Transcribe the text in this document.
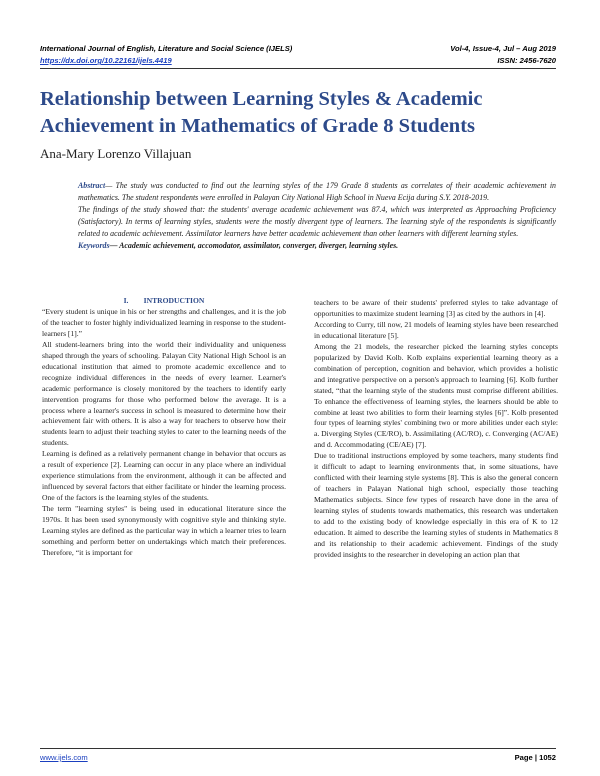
International Journal of English, Literature and Social Science (IJELS)	Vol-4, Issue-4, Jul – Aug 2019
https://dx.doi.org/10.22161/ijels.4419	ISSN: 2456-7620
Relationship between Learning Styles & Academic Achievement in Mathematics of Grade 8 Students
Ana-Mary Lorenzo Villajuan

Abstract— The study was conducted to find out the learning styles of the 179 Grade 8 students as correlates of their academic achievement in mathematics. The student respondents were enrolled in Palayan City National High School in Nueva Ecija during S.Y. 2018-2019.

The findings of the study showed that: the students' average academic achievement was 87.4, which was interpreted as Approaching Proficiency (Satisfactory). In terms of learning styles, students were the mostly divergent type of learners. The learning style of the respondents is significantly related to academic achievement. Assimilator learners have better academic achievement than other learners with different learning styles.

Keywords— Academic achievement, accomodator, assimilator, converger, diverger, learning styles.

I.  INTRODUCTION

“Every student is unique in his or her strengths and challenges, and it is the job of the teacher to foster highly individualized learning in response to the student-learners [1].”

All student-learners bring into the world their individuality and uniqueness shaped through the years of schooling. Palayan City National High School is an educational institution that aimed to promote academic excellence and to recognize individual differences in the needs of every learner. Learner's academic performance is closely monitored by the teachers to identify early intervention programs for those who performed below the average. It is a process where a learner's success in school is measured to determine how their achievement fair with others. It is also a way for teachers to observe how their students learn to adjust their teaching styles to cater to the learning needs of the students.

Learning is defined as a relatively permanent change in behavior that occurs as a result of experience [2]. Learning can occur in any place where an individual experience stimulations from the environment, although it can be affected and influenced by several factors that either facilitate or hinder the learning process. One of the factors is the learning styles of the students.

The term "learning styles" is being used in educational literature since the 1970s. It has been used synonymously with cognitive style and thinking style. Learning styles are defined as the particular way in which a learner tries to learn something and perform better on undertakings which match their preferences. Therefore, “it is important for

teachers to be aware of their students' preferred styles to take advantage of opportunities to maximize student learning [3] as cited by the authors in [4].

According to Curry, till now, 21 models of learning styles have been researched in educational literature [5].

Among the 21 models, the researcher picked the learning styles concepts popularized by David Kolb. Kolb explains experiential learning theory as a combination of perception, cognition and behavior, which provides a holistic and integrative perspective on a person's approach to learning [6]. Kolb further stated, “that the learning style of the students must comprise different abilities. To enhance the effectiveness of learning styles, the learners should be able to combine at least two abilities to form their learning styles [6]”. Kolb presented four types of learning styles' combining two or more abilities under each style: a. Diverging Styles (CE/RO), b. Assimilating (AC/RO), c. Converging (AC/AE) and d. Accommodating (CE/AE) [7].

Due to traditional instructions employed by some teachers, many students find it difficult to adapt to learning environments that, in some situations, have conflicted with their learning style systems [8]. This is also the general concern of teachers in Palayan National high school, especially those teaching Mathematics subjects. Since few types of research have done in the area of learning styles of students towards mathematics, this research was undertaken to add to the existing body of knowledge especially in this era of K to 12 education. It aimed to describe the learning styles of students in Mathematics 8 and its relationship to their academic achievement. Findings of the study provided insights to the researcher in developing an action plan that

www.ijels.com	Page | 1052
